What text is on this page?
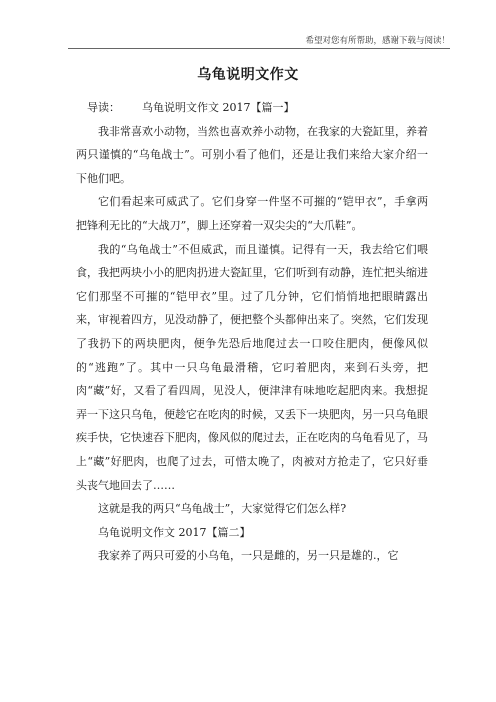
希望对您有所帮助，感谢下载与阅读！
乌龟说明文作文

导读：	乌龟说明文作文 2017【篇一】

我非常喜欢小动物，当然也喜欢养小动物，在我家的大瓷缸里，养着两只谨慎的“乌龟战士”。可别小看了他们，还是让我们来给大家介绍一下他们吧。

它们看起来可威武了。它们身穿一件坚不可摧的“铠甲衣”，手拿两把锋利无比的“大战刀”，脚上还穿着一双尖尖的“大爪鞋”。

我的“乌龟战士”不但威武，而且谨慎。记得有一天，我去给它们喂食，我把两块小小的肥肉扔进大瓷缸里，它们听到有动静，连忙把头缩进它们那坚不可摧的“铠甲衣”里。过了几分钟，它们悄悄地把眼睛露出来，审视着四方，见没动静了，便把整个头都伸出来了。突然，它们发现了我扔下的两块肥肉，便争先恐后地爬过去一口咬住肥肉，便像风似的“逃跑”了。其中一只乌龟最滑稽，它叼着肥肉，来到石头旁，把肉“藏”好，又看了看四周，见没人，便津津有味地吃起肥肉来。我想捉弄一下这只乌龟，便趁它在吃肉的时候，又丢下一块肥肉，另一只乌龟眼疾手快，它快速吞下肥肉，像风似的爬过去，正在吃肉的乌龟看见了，马上“藏”好肥肉，也爬了过去，可惜太晚了，肉被对方抢走了，它只好垂头丧气地回去了……

这就是我的两只“乌龟战士”，大家觉得它们怎么样?

乌龟说明文作文 2017【篇二】

我家养了两只可爱的小乌龟，一只是雌的，另一只是雄的.，它
